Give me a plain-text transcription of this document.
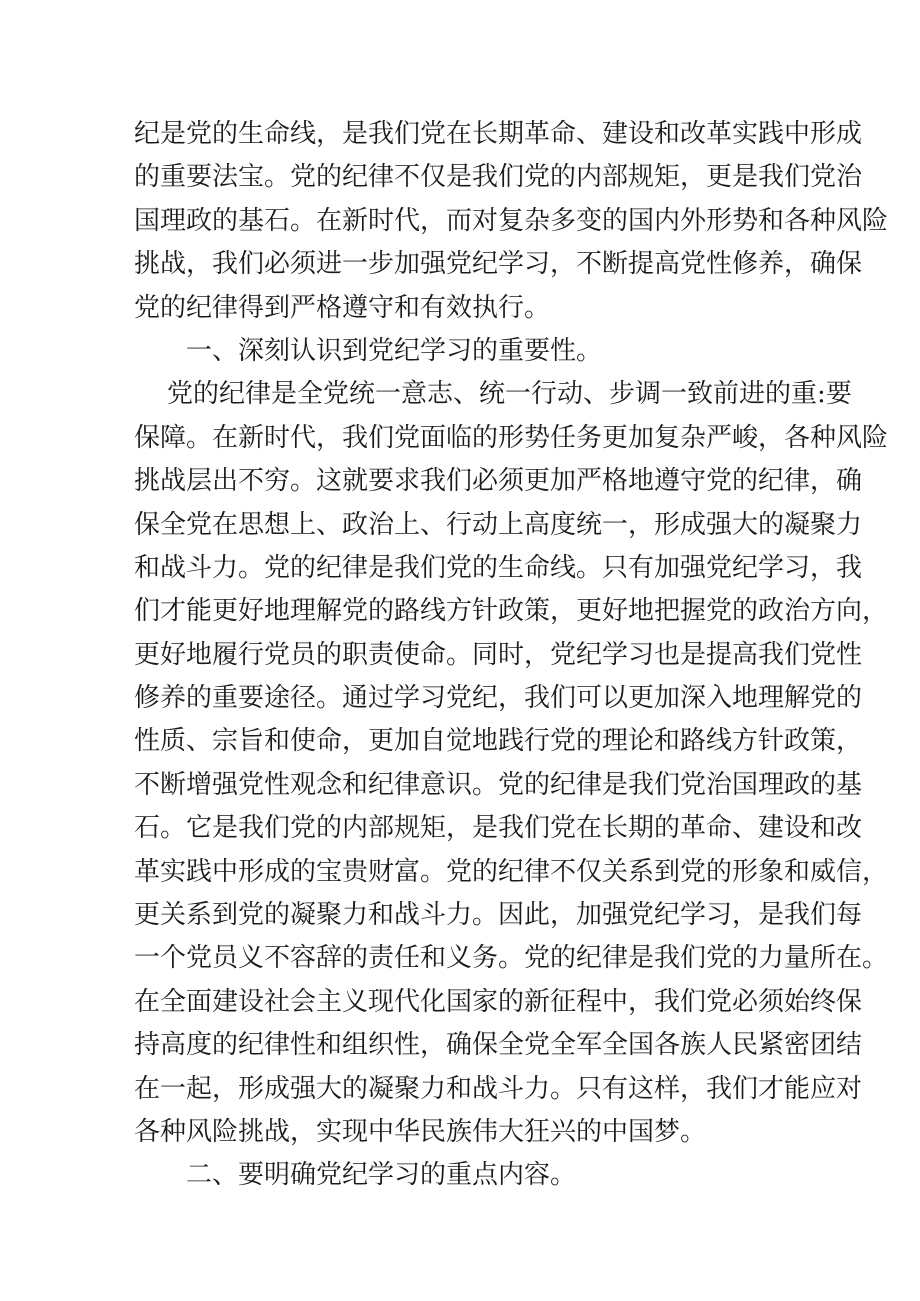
纪是党的生命线，是我们党在长期革命、建设和改革实践中形成
的重要法宝。党的纪律不仅是我们党的内部规矩，更是我们党治
国理政的基石。在新时代，而对复杂多变的国内外形势和各种风险
挑战，我们必须进一步加强党纪学习，不断提高党性修养，确保
党的纪律得到严格遵守和有效执行。
一、深刻认识到党纪学习的重要性。
党的纪律是全党统一意志、统一行动、步调一致前进的重:要
保障。在新时代，我们党面临的形势任务更加复杂严峻，各种风险
挑战层出不穷。这就要求我们必须更加严格地遵守党的纪律，确
保全党在思想上、政治上、行动上高度统一，形成强大的凝聚力
和战斗力。党的纪律是我们党的生命线。只有加强党纪学习，我
们才能更好地理解党的路线方针政策，更好地把握党的政治方向，
更好地履行党员的职责使命。同时，党纪学习也是提高我们党性
修养的重要途径。通过学习党纪，我们可以更加深入地理解党的
性质、宗旨和使命，更加自觉地践行党的理论和路线方针政策，
不断增强党性观念和纪律意识。党的纪律是我们党治国理政的基
石。它是我们党的内部规矩，是我们党在长期的革命、建设和改
革实践中形成的宝贵财富。党的纪律不仅关系到党的形象和威信，
更关系到党的凝聚力和战斗力。因此，加强党纪学习，是我们每
一个党员义不容辞的责任和义务。党的纪律是我们党的力量所在。
在全面建设社会主义现代化国家的新征程中，我们党必须始终保
持高度的纪律性和组织性，确保全党全军全国各族人民紧密团结
在一起，形成强大的凝聚力和战斗力。只有这样，我们才能应对
各种风险挑战，实现中华民族伟大狂兴的中国梦。
二、要明确党纪学习的重点内容。
